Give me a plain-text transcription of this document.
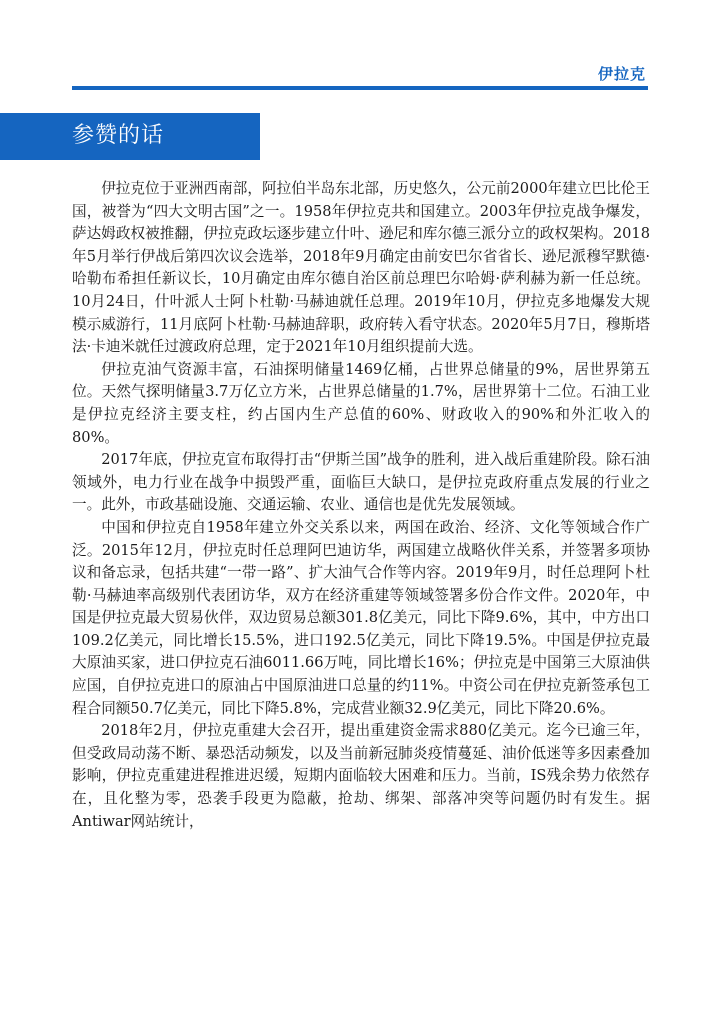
伊拉克
参赞的话

伊拉克位于亚洲西南部，阿拉伯半岛东北部，历史悠久，公元前2000年建立巴比伦王国，被誉为“四大文明古国”之一。1958年伊拉克共和国建立。2003年伊拉克战争爆发，萨达姆政权被推翻，伊拉克政坛逐步建立什叶、逊尼和库尔德三派分立的政权架构。2018年5月举行伊战后第四次议会选举，2018年9月确定由前安巴尔省省长、逊尼派穆罕默德·哈勒布希担任新议长，10月确定由库尔德自治区前总理巴尔哈姆·萨利赫为新一任总统。10月24日，什叶派人士阿卜杜勒·马赫迪就任总理。2019年10月，伊拉克多地爆发大规模示威游行，11月底阿卜杜勒·马赫迪辞职，政府转入看守状态。2020年5月7日，穆斯塔法·卡迪米就任过渡政府总理，定于2021年10月组织提前大选。

伊拉克油气资源丰富，石油探明储量1469亿桶，占世界总储量的9%，居世界第五位。天然气探明储量3.7万亿立方米，占世界总储量的1.7%，居世界第十二位。石油工业是伊拉克经济主要支柱，约占国内生产总值的60%、财政收入的90%和外汇收入的80%。

2017年底，伊拉克宣布取得打击“伊斯兰国”战争的胜利，进入战后重建阶段。除石油领域外，电力行业在战争中损毁严重，面临巨大缺口，是伊拉克政府重点发展的行业之一。此外，市政基础设施、交通运输、农业、通信也是优先发展领域。

中国和伊拉克自1958年建立外交关系以来，两国在政治、经济、文化等领域合作广泛。2015年12月，伊拉克时任总理阿巴迪访华，两国建立战略伙伴关系，并签署多项协议和备忘录，包括共建“一带一路”、扩大油气合作等内容。2019年9月，时任总理阿卜杜勒·马赫迪率高级别代表团访华，双方在经济重建等领域签署多份合作文件。2020年，中国是伊拉克最大贸易伙伴，双边贸易总额301.8亿美元，同比下降9.6%，其中，中方出口109.2亿美元，同比增长15.5%，进口192.5亿美元，同比下降19.5%。中国是伊拉克最大原油买家，进口伊拉克石油6011.66万吨，同比增长16%；伊拉克是中国第三大原油供应国，自伊拉克进口的原油占中国原油进口总量的约11%。中资公司在伊拉克新签承包工程合同额50.7亿美元，同比下降5.8%，完成营业额32.9亿美元，同比下降20.6%。

2018年2月，伊拉克重建大会召开，提出重建资金需求880亿美元。迄今已逾三年，但受政局动荡不断、暴恐活动频发，以及当前新冠肺炎疫情蔓延、油价低迷等多因素叠加影响，伊拉克重建进程推进迟缓，短期内面临较大困难和压力。当前，IS残余势力依然存在，且化整为零，恐袭手段更为隐蔽，抢劫、绑架、部落冲突等问题仍时有发生。据Antiwar网站统计，
